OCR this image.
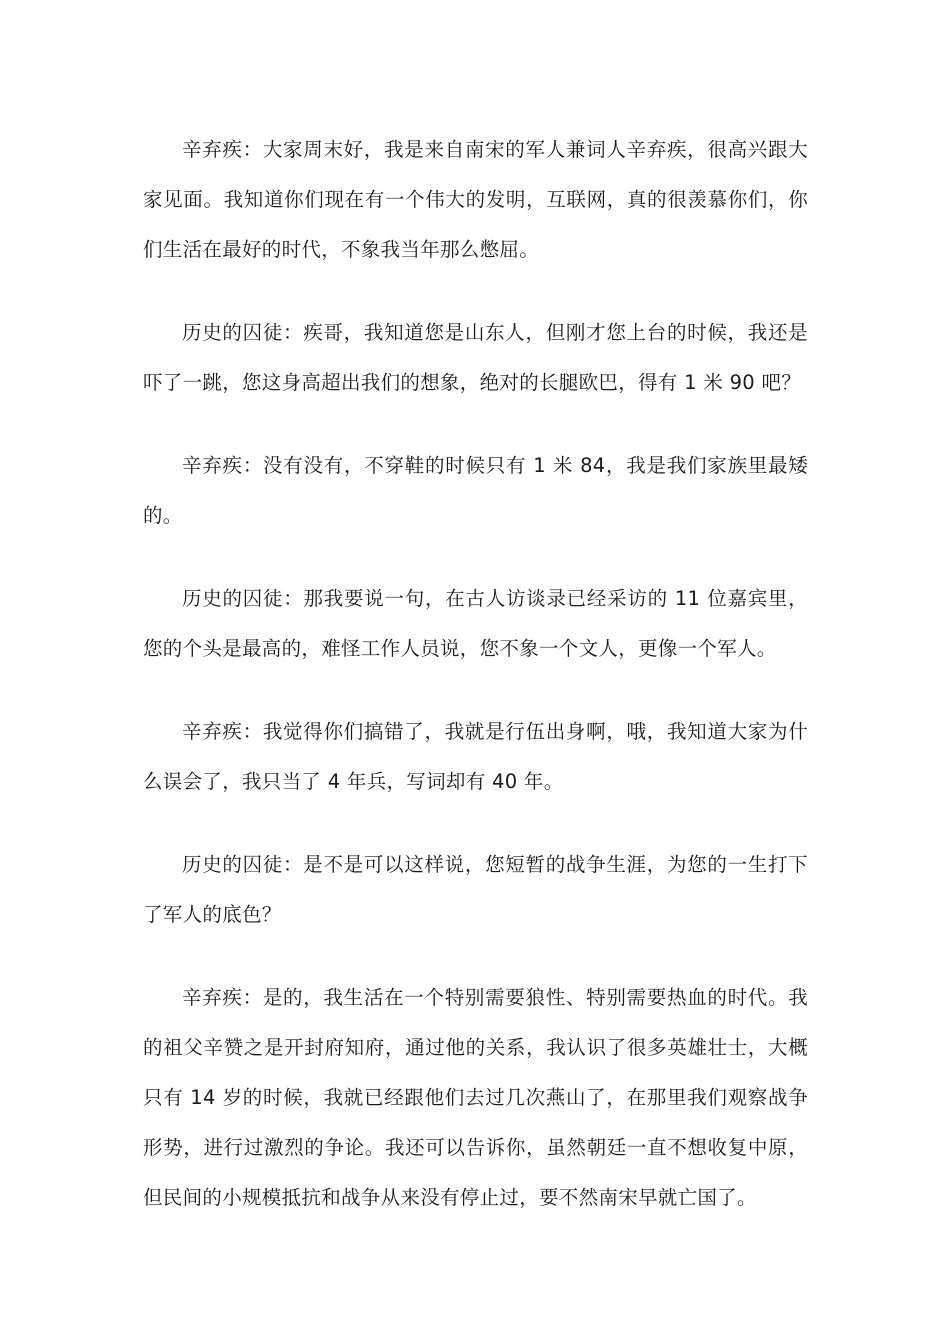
辛弃疾：大家周末好，我是来自南宋的军人兼词人辛弃疾，很高兴跟大家见面。我知道你们现在有一个伟大的发明，互联网，真的很羡慕你们，你们生活在最好的时代，不象我当年那么憋屈。

历史的囚徒：疾哥，我知道您是山东人，但刚才您上台的时候，我还是吓了一跳，您这身高超出我们的想象，绝对的长腿欧巴，得有 1 米 90 吧？

辛弃疾：没有没有，不穿鞋的时候只有 1 米 84，我是我们家族里最矮的。

历史的囚徒：那我要说一句，在古人访谈录已经采访的 11 位嘉宾里，您的个头是最高的，难怪工作人员说，您不象一个文人，更像一个军人。

辛弃疾：我觉得你们搞错了，我就是行伍出身啊，哦，我知道大家为什么误会了，我只当了 4 年兵，写词却有 40 年。

历史的囚徒：是不是可以这样说，您短暂的战争生涯，为您的一生打下了军人的底色？

辛弃疾：是的，我生活在一个特别需要狼性、特别需要热血的时代。我的祖父辛赞之是开封府知府，通过他的关系，我认识了很多英雄壮士，大概只有 14 岁的时候，我就已经跟他们去过几次燕山了，在那里我们观察战争形势，进行过激烈的争论。我还可以告诉你，虽然朝廷一直不想收复中原，但民间的小规模抵抗和战争从来没有停止过，要不然南宋早就亡国了。
